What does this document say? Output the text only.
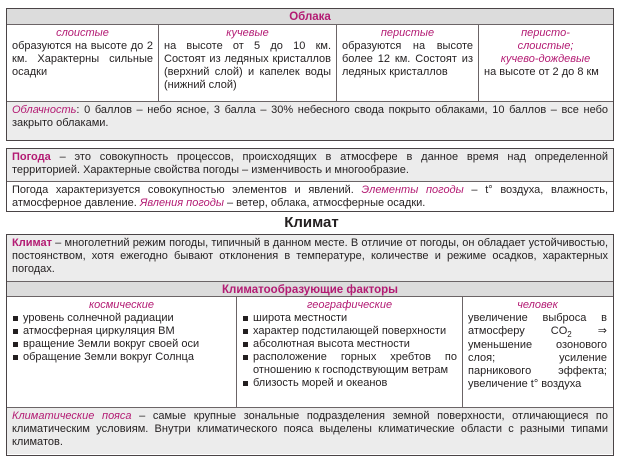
Облака
слоистые
образуются на высоте до 2 км. Характерны сильные осадки
кучевые
на высоте от 5 до 10 км. Состоят из ледяных кристаллов (верхний слой) и капелек воды (нижний слой)
перистые
образуются на высоте более 12 км. Состоят из ледяных кристаллов
перисто-
слоистые;
кучево-дождевые
на высоте от 2 до 8 км
Облачность: 0 баллов – небо ясное, 3 балла – 30% небесного свода покрыто облаками, 10 баллов – все небо закрыто облаками.
Погода – это совокупность процессов, происходящих в атмосфере в данное время над определенной территорией. Характерные свойства погоды – изменчивость и многообразие.
Погода характеризуется совокупностью элементов и явлений. Элементы погоды – t° воздуха, влажность, атмосферное давление. Явления погоды – ветер, облака, атмосферные осадки.
Климат
Климат – многолетний режим погоды, типичный в данном месте. В отличие от погоды, он обладает устойчивостью, постоянством, хотя ежегодно бывают отклонения в температуре, количестве и режиме осадков, характерных погодах.
Климатообразующие факторы
космические
уровень солнечной радиации
атмосферная циркуляция ВМ
вращение Земли вокруг своей оси
обращение Земли вокруг Солнца
географические
широта местности
характер подстилающей поверхности
абсолютная высота местности
расположение горных хребтов по отношению к господствующим ветрам
близость морей и океанов
человек
увеличение выброса в атмосферу $CO_2$ ⇒ уменьшение озонового слоя; усиление парникового эффекта; увеличение t° воздуха
Климатические пояса – самые крупные зональные подразделения земной поверхности, отличающиеся по климатическим условиям. Внутри климатического пояса выделены климатические области с разными типами климатов.
